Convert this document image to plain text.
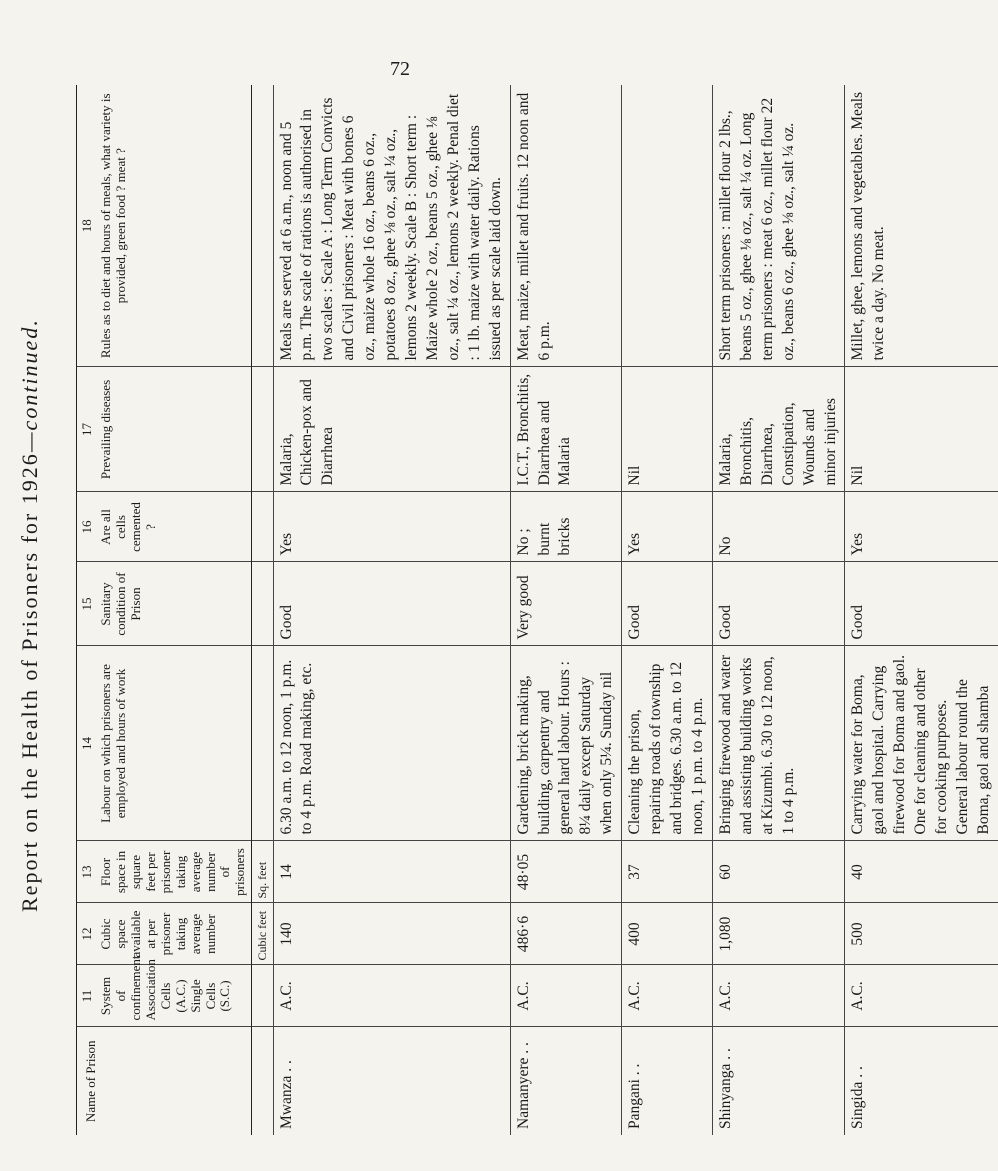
72
Report on the Health of Prisoners for 1926
—continued.
Name of Prison	11 System of confinement Association Cells (A.C.) Single Cells (S.C.)	12 Cubic space available at per prisoner taking average number	13 Floor space in square feet per prisoner taking average number of prisoners	14 Labour on which prisoners are employed and hours of work	15 Sanitary condition of Prison	16 Are all cells cemented ?	17 Prevailing diseases	18 Rules as to diet and hours of meals, what variety is provided, green food ? meat ?
		Cubic feet	Sq. feet					
Mwanza . .	A.C.	140	14	6.30 a.m. to 12 noon, 1 p.m. to 4 p.m. Road making, etc.	Good	Yes	Malaria, Chicken-pox and Diarrhœa	Meals are served at 6 a.m., noon and 5 p.m. The scale of rations is authorised in two scales : Scale A : Long Term Convicts and Civil prisoners : Meat with bones 6 oz., maize whole 16 oz., beans 6 oz., potatoes 8 oz., ghee ⅛ oz., salt ¼ oz., lemons 2 weekly. Scale B : Short term : Maize whole 2 oz., beans 5 oz., ghee ⅛ oz., salt ¼ oz., lemons 2 weekly. Penal diet : 1 lb. maize with water daily. Rations issued as per scale laid down.
Namanyere . .	A.C.	486·6	48·05	Gardening, brick making, building, carpentry and general hard labour. Hours : 8¼ daily except Saturday when only 5¼. Sunday nil	Very good	No ; burnt bricks	I.C.T., Bronchitis, Diarrhœa and Malaria	Meat, maize, millet and fruits. 12 noon and 6 p.m.
Pangani . .	A.C.	400	37	Cleaning the prison, repairing roads of township and bridges. 6.30 a.m. to 12 noon, 1 p.m. to 4 p.m.	Good	Yes	Nil	
Shinyanga . .	A.C.	1,080	60	Bringing firewood and water and assisting building works at Kizumbi. 6.30 to 12 noon, 1 to 4 p.m.	Good	No	Malaria, Bronchitis, Diarrhœa, Constipation, Wounds and minor injuries	Short term prisoners : millet flour 2 lbs., beans 5 oz., ghee ⅛ oz., salt ¼ oz. Long term prisoners : meat 6 oz., millet flour 22 oz., beans 6 oz., ghee ⅛ oz., salt ¼ oz.
Singida . .	A.C.	500	40	Carrying water for Boma, gaol and hospital. Carrying firewood for Boma and gaol. One for cleaning and other for cooking purposes. General labour round the Boma, gaol and shamba	Good	Yes	Nil	Millet, ghee, lemons and vegetables. Meals twice a day. No meat.
